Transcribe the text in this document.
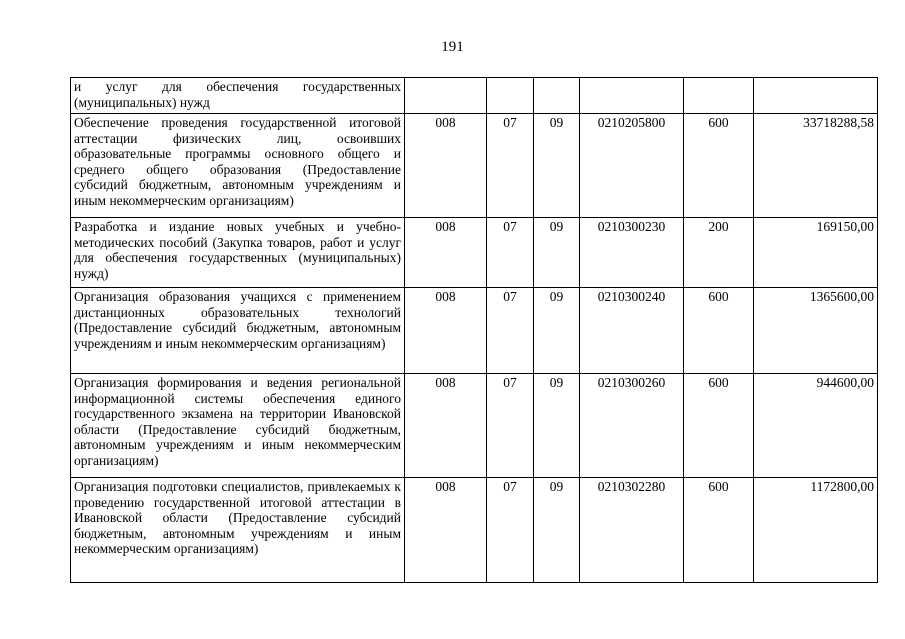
191
и услуг для обеспечения государственных (муниципальных) нужд						
Обеспечение проведения государственной итоговой аттестации физических лиц, освоивших образовательные программы основного общего и среднего общего образования (Предоставление субсидий бюджетным, автономным учреждениям и иным некоммерческим организациям)	008	07	09	0210205800	600	33718288,58
Разработка и издание новых учебных и учебно-методических пособий (Закупка товаров, работ и услуг для обеспечения государственных (муниципальных) нужд)	008	07	09	0210300230	200	169150,00
Организация образования учащихся с применением дистанционных образовательных технологий (Предоставление субсидий бюджетным, автономным учреждениям и иным некоммерческим организациям)	008	07	09	0210300240	600	1365600,00
Организация формирования и ведения региональной информационной системы обеспечения единого государственного экзамена на территории Ивановской области (Предоставление субсидий бюджетным, автономным учреждениям и иным некоммерческим организациям)	008	07	09	0210300260	600	944600,00
Организация подготовки специалистов, привлекаемых к проведению государственной итоговой аттестации в Ивановской области (Предоставление субсидий бюджетным, автономным учреждениям и иным некоммерческим организациям)	008	07	09	0210302280	600	1172800,00
